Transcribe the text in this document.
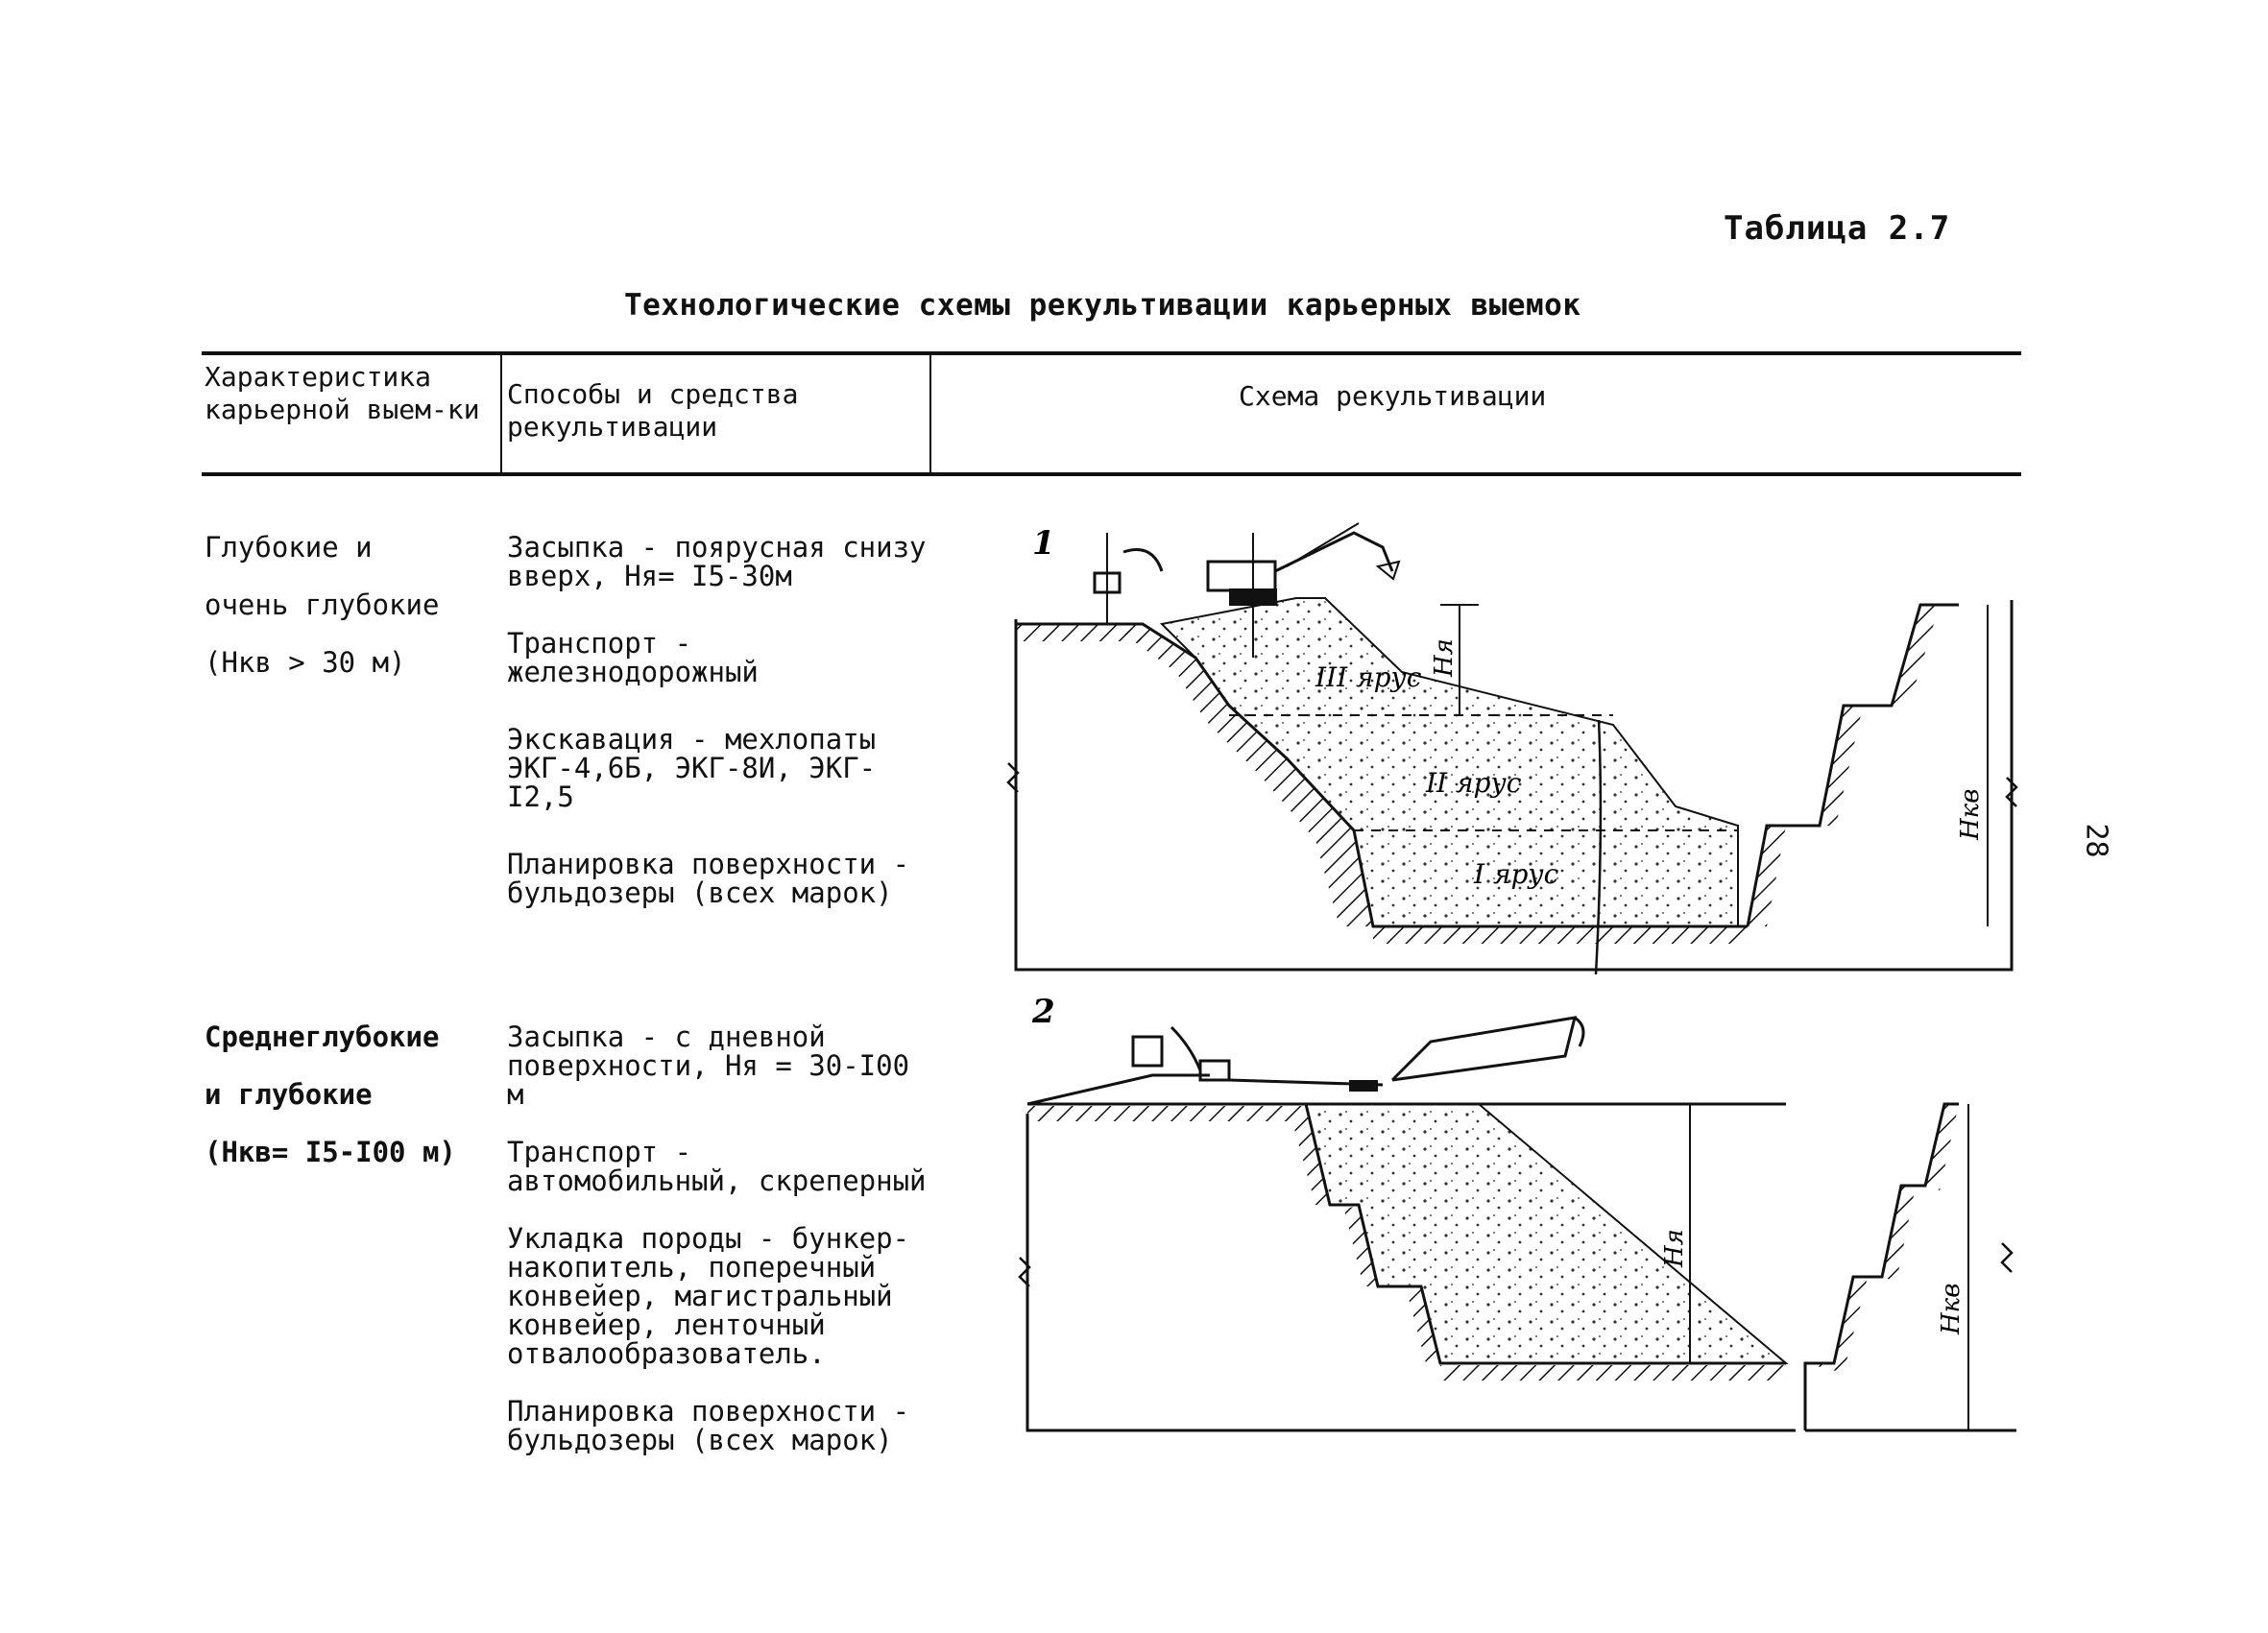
Таблица 2.7
Технологические схемы рекультивации карьерных выемок
Характеристика карьерной выем-ки	Способы и средства рекультивации
Схема рекультивации

Глубокие и

очень глубокие

(Hкв > 30 м)

Засыпка - поярусная снизу вверх, Hя= I5-30м

Транспорт - железнодорожный

Экскавация - мехлопаты ЭКГ-4,6Б, ЭКГ-8И, ЭКГ-I2,5

Планировка поверхности - бульдозеры (всех марок)

Среднеглубокие

и глубокие

(Hкв= I5-I00 м)

Засыпка - с дневной поверхности, Hя = 30-I00 м

Транспорт - автомобильный, скреперный

Укладка породы - бункер-накопитель, поперечный конвейер, магистральный конвейер, ленточный отвалообразователь.

Планировка поверхности - бульдозеры (всех марок)

28
1
Hя
Hкв
III ярус
II ярус
I ярус
2
Hя
Hкв
